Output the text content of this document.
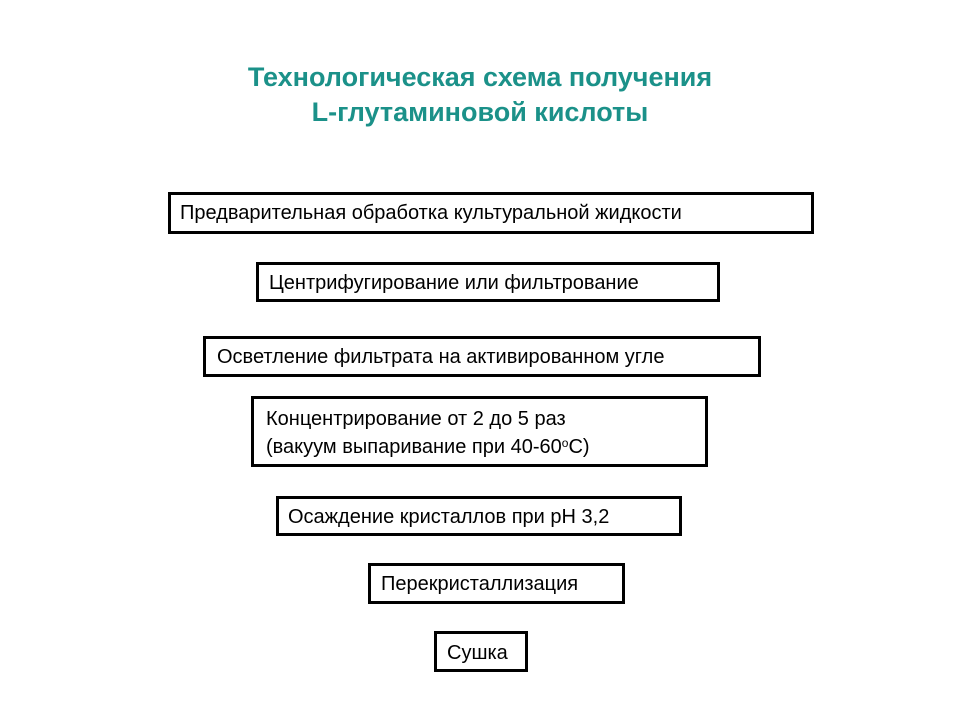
Технологическая схема получения
L-глутаминовой кислоты
Предварительная обработка культуральной жидкости
Центрифугирование или фильтрование
Осветление фильтрата на активированном угле
Концентрирование от 2 до 5 раз
(вакуум выпаривание при 40-60$^o$C)
Осаждение кристаллов при рН 3,2
Перекристаллизация
Сушка
